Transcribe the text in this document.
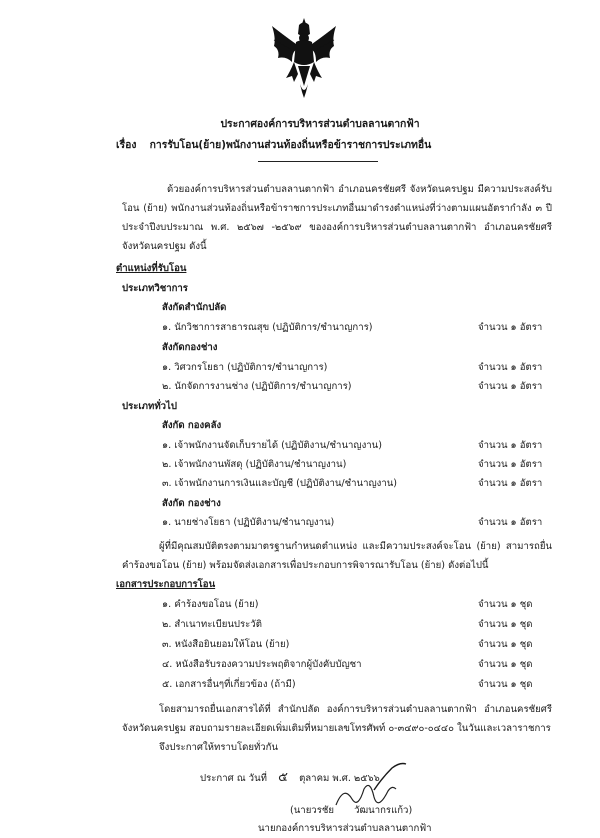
ประกาศองค์การบริหารส่วนตำบลลานตากฟ้า
เรื่อง การรับโอน(ย้าย)พนักงานส่วนท้องถิ่นหรือข้าราชการประเภทอื่น
ด้วยองค์การบริหารส่วนตำบลลานตากฟ้า อำเภอนครชัยศรี จังหวัดนครปฐม มีความประสงค์รับโอน (ย้าย) พนักงานส่วนท้องถิ่นหรือข้าราชการประเภทอื่นมาดำรงตำแหน่งที่ว่างตามแผนอัตรากำลัง ๓ ปี ประจำปีงบประมาณ พ.ศ. ๒๕๖๗ -๒๕๖๙ ขององค์การบริหารส่วนตำบลลานตากฟ้า อำเภอนครชัยศรี จังหวัดนครปฐม ดังนี้
ตำแหน่งที่รับโอน
ประเภทวิชาการ
สังกัดสำนักปลัด
๑. นักวิชาการสาธารณสุข (ปฏิบัติการ/ชำนาญการ)	จำนวน ๑ อัตรา
สังกัดกองช่าง
๑. วิศวกรโยธา (ปฏิบัติการ/ชำนาญการ)	จำนวน ๑ อัตรา
๒. นักจัดการงานช่าง (ปฏิบัติการ/ชำนาญการ)	จำนวน ๑ อัตรา
ประเภททั่วไป
สังกัด กองคลัง
๑. เจ้าพนักงานจัดเก็บรายได้ (ปฏิบัติงาน/ชำนาญงาน)	จำนวน ๑ อัตรา
๒. เจ้าพนักงานพัสดุ (ปฏิบัติงาน/ชำนาญงาน)	จำนวน ๑ อัตรา
๓. เจ้าพนักงานการเงินและบัญชี (ปฏิบัติงาน/ชำนาญงาน)	จำนวน ๑ อัตรา
สังกัด กองช่าง
๑. นายช่างโยธา (ปฏิบัติงาน/ชำนาญงาน)	จำนวน ๑ อัตรา
ผู้ที่มีคุณสมบัติตรงตามมาตรฐานกำหนดตำแหน่ง และมีความประสงค์จะโอน (ย้าย) สามารถยื่นคำร้องขอโอน (ย้าย) พร้อมจัดส่งเอกสารเพื่อประกอบการพิจารณารับโอน (ย้าย) ดังต่อไปนี้
เอกสารประกอบการโอน
๑. คำร้องขอโอน (ย้าย)	จำนวน ๑ ชุด
๒. สำเนาทะเบียนประวัติ	จำนวน ๑ ชุด
๓. หนังสือยินยอมให้โอน (ย้าย)	จำนวน ๑ ชุด
๔. หนังสือรับรองความประพฤติจากผู้บังคับบัญชา	จำนวน ๑ ชุด
๕. เอกสารอื่นๆที่เกี่ยวข้อง (ถ้ามี)	จำนวน ๑ ชุด
โดยสามารถยื่นเอกสารได้ที่ สำนักปลัด องค์การบริหารส่วนตำบลลานตากฟ้า อำเภอนครชัยศรี จังหวัดนครปฐม สอบถามรายละเอียดเพิ่มเติมที่หมายเลขโทรศัพท์ ๐-๓๔๙๐-๐๔๔๐ ในวันและเวลาราชการ
จึงประกาศให้ทราบโดยทั่วกัน
ประกาศ ณ วันที่ ๕ ตุลาคม พ.ศ. ๒๕๖๖
(นายวรชัย วัฒนากรแก้ว)
นายกองค์การบริหารส่วนตำบลลานตากฟ้า
